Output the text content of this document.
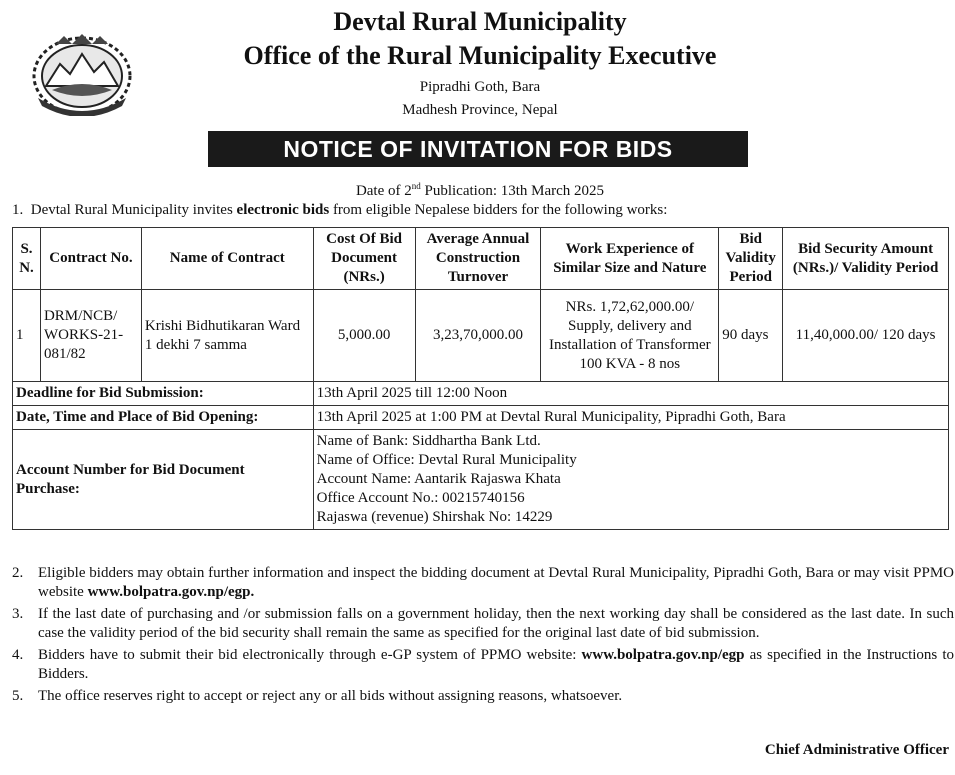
Devtal Rural Municipality
Office of the Rural Municipality Executive
Pipradhi Goth, Bara
Madhesh Province, Nepal
NOTICE OF INVITATION FOR BIDS
Date of 2nd Publication: 13th March 2025
1. Devtal Rural Municipality invites electronic bids from eligible Nepalese bidders for the following works:
S. N.	Contract No.	Name of Contract	Cost Of Bid Document (NRs.)	Average Annual Construction Turnover	Work Experience of Similar Size and Nature	Bid Validity Period	Bid Security Amount (NRs.)/ Validity Period
1	DRM/NCB/ WORKS-21-081/82	Krishi Bidhutikaran Ward 1 dekhi 7 samma	5,000.00	3,23,70,000.00	NRs. 1,72,62,000.00/ Supply, delivery and Installation of Transformer 100 KVA - 8 nos	90 days	11,40,000.00/ 120 days
Deadline for Bid Submission:			13th April 2025 till 12:00 Noon				
Date, Time and Place of Bid Opening:			13th April 2025 at 1:00 PM at Devtal Rural Municipality, Pipradhi Goth, Bara				
Account Number for Bid Document Purchase:			Name of Bank: Siddhartha Bank Ltd.
Name of Office: Devtal Rural Municipality
Account Name: Aantarik Rajaswa Khata
Office Account No.: 00215740156
Rajaswa (revenue) Shirshak No: 14229				
2. Eligible bidders may obtain further information and inspect the bidding document at Devtal Rural Municipality, Pipradhi Goth, Bara or may visit PPMO website www.bolpatra.gov.np/egp.
3. If the last date of purchasing and /or submission falls on a government holiday, then the next working day shall be considered as the last date. In such case the validity period of the bid security shall remain the same as specified for the original last date of bid submission.
4. Bidders have to submit their bid electronically through e-GP system of PPMO website: www.bolpatra.gov.np/egp as specified in the Instructions to Bidders.
5. The office reserves right to accept or reject any or all bids without assigning reasons, whatsoever.
Chief Administrative Officer
